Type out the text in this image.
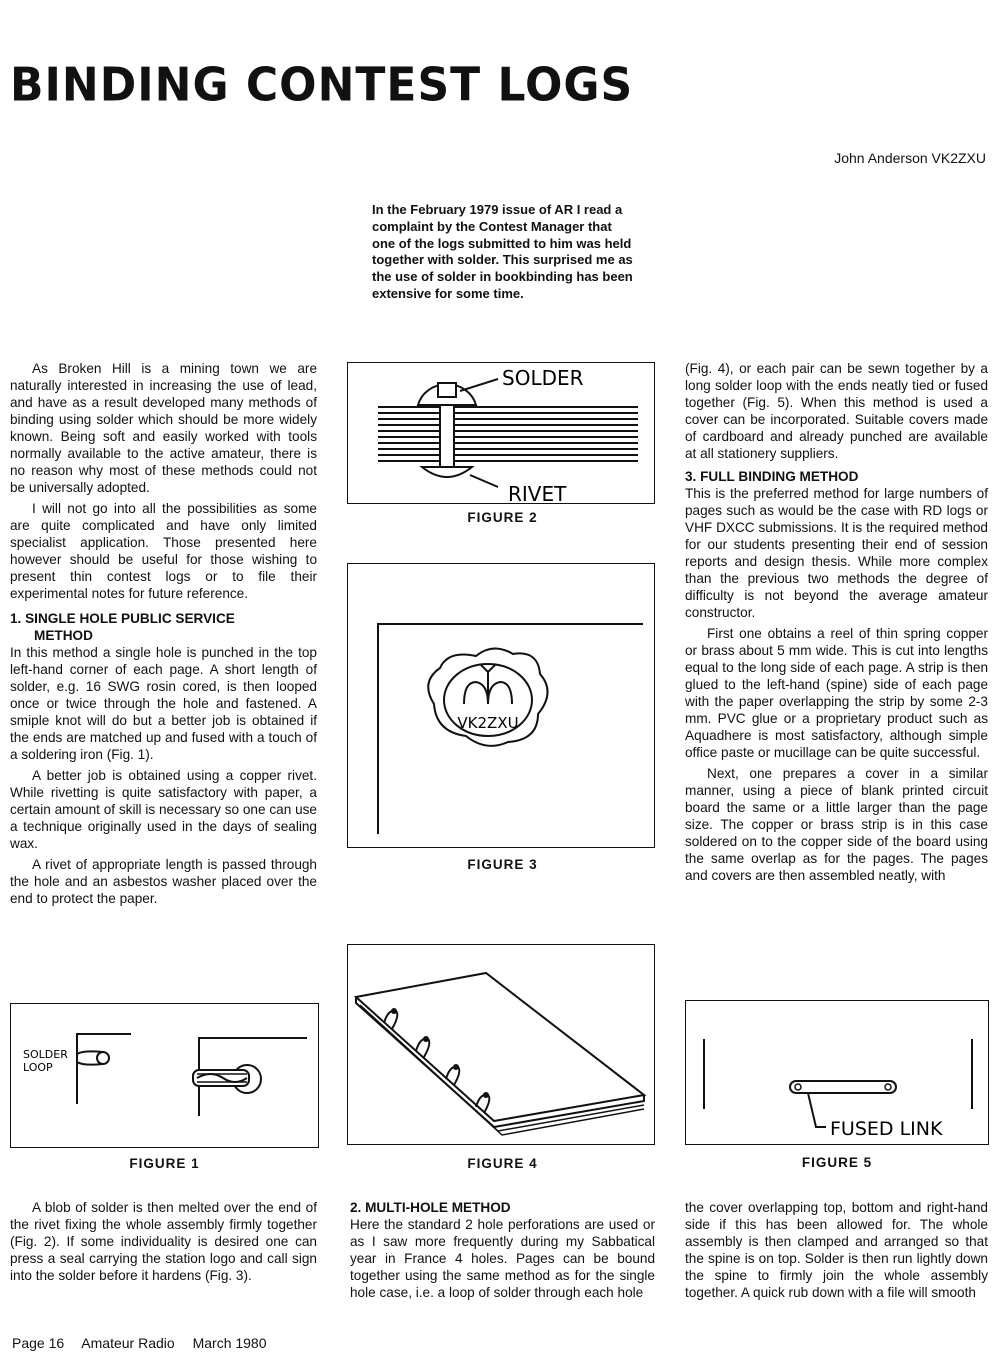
BINDING CONTEST LOGS
John Anderson VK2ZXU
In the February 1979 issue of AR I read a complaint by the Contest Manager that one of the logs submitted to him was held together with solder. This surprised me as the use of solder in bookbinding has been extensive for some time.

As Broken Hill is a mining town we are naturally interested in increasing the use of lead, and have as a result developed many methods of binding using solder which should be more widely known. Being soft and easily worked with tools normally available to the active amateur, there is no reason why most of these methods could not be universally adopted.

I will not go into all the possibilities as some are quite complicated and have only limited specialist application. Those presented here however should be useful for those wishing to present thin contest logs or to file their experimental notes for future reference.

1. SINGLE HOLE PUBLIC SERVICE
METHOD

In this method a single hole is punched in the top left-hand corner of each page. A short length of solder, e.g. 16 SWG rosin cored, is then looped once or twice through the hole and fastened. A smiple knot will do but a better job is obtained if the ends are matched up and fused with a touch of a soldering iron (Fig. 1).

A better job is obtained using a copper rivet. While rivetting is quite satisfactory with paper, a certain amount of skill is necessary so one can use a technique originally used in the days of sealing wax.

A rivet of appropriate length is passed through the hole and an asbestos washer placed over the end to protect the paper.

A blob of solder is then melted over the end of the rivet fixing the whole assembly firmly together (Fig. 2). If some individuality is desired one can press a seal carrying the station logo and call sign into the solder before it hardens (Fig. 3).

2. MULTI-HOLE METHOD

Here the standard 2 hole perforations are used or as I saw more frequently during my Sabbatical year in France 4 holes. Pages can be bound together using the same method as for the single hole case, i.e. a loop of solder through each hole

(Fig. 4), or each pair can be sewn together by a long solder loop with the ends neatly tied or fused together (Fig. 5). When this method is used a cover can be incorporated. Suitable covers made of cardboard and already punched are available at all stationery suppliers.

3. FULL BINDING METHOD

This is the preferred method for large numbers of pages such as would be the case with RD logs or VHF DXCC submissions. It is the required method for our students presenting their end of session reports and design thesis. While more complex than the previous two methods the degree of difficulty is not beyond the average amateur constructor.

First one obtains a reel of thin spring copper or brass about 5 mm wide. This is cut into lengths equal to the long side of each page. A strip is then glued to the left-hand (spine) side of each page with the paper overlapping the strip by some 2-3 mm. PVC glue or a proprietary product such as Aquadhere is most satisfactory, although simple office paste or mucillage can be quite successful.

Next, one prepares a cover in a similar manner, using a piece of blank printed circuit board the same or a little larger than the page size. The copper or brass strip is in this case soldered on to the copper side of the board using the same overlap as for the pages. The pages and covers are then assembled neatly, with

the cover overlapping top, bottom and right-hand side if this has been allowed for. The whole assembly is then clamped and arranged so that the spine is on top. Solder is then run lightly down the spine to firmly join the whole assembly together. A quick rub down with a file will smooth

SOLDER
RIVET
FIGURE 2
VK2ZXU
FIGURE 3
SOLDER
LOOP
FIGURE 1	FIGURE 4
FUSED LINK
FIGURE 5
Page 16 Amateur Radio March 1980
